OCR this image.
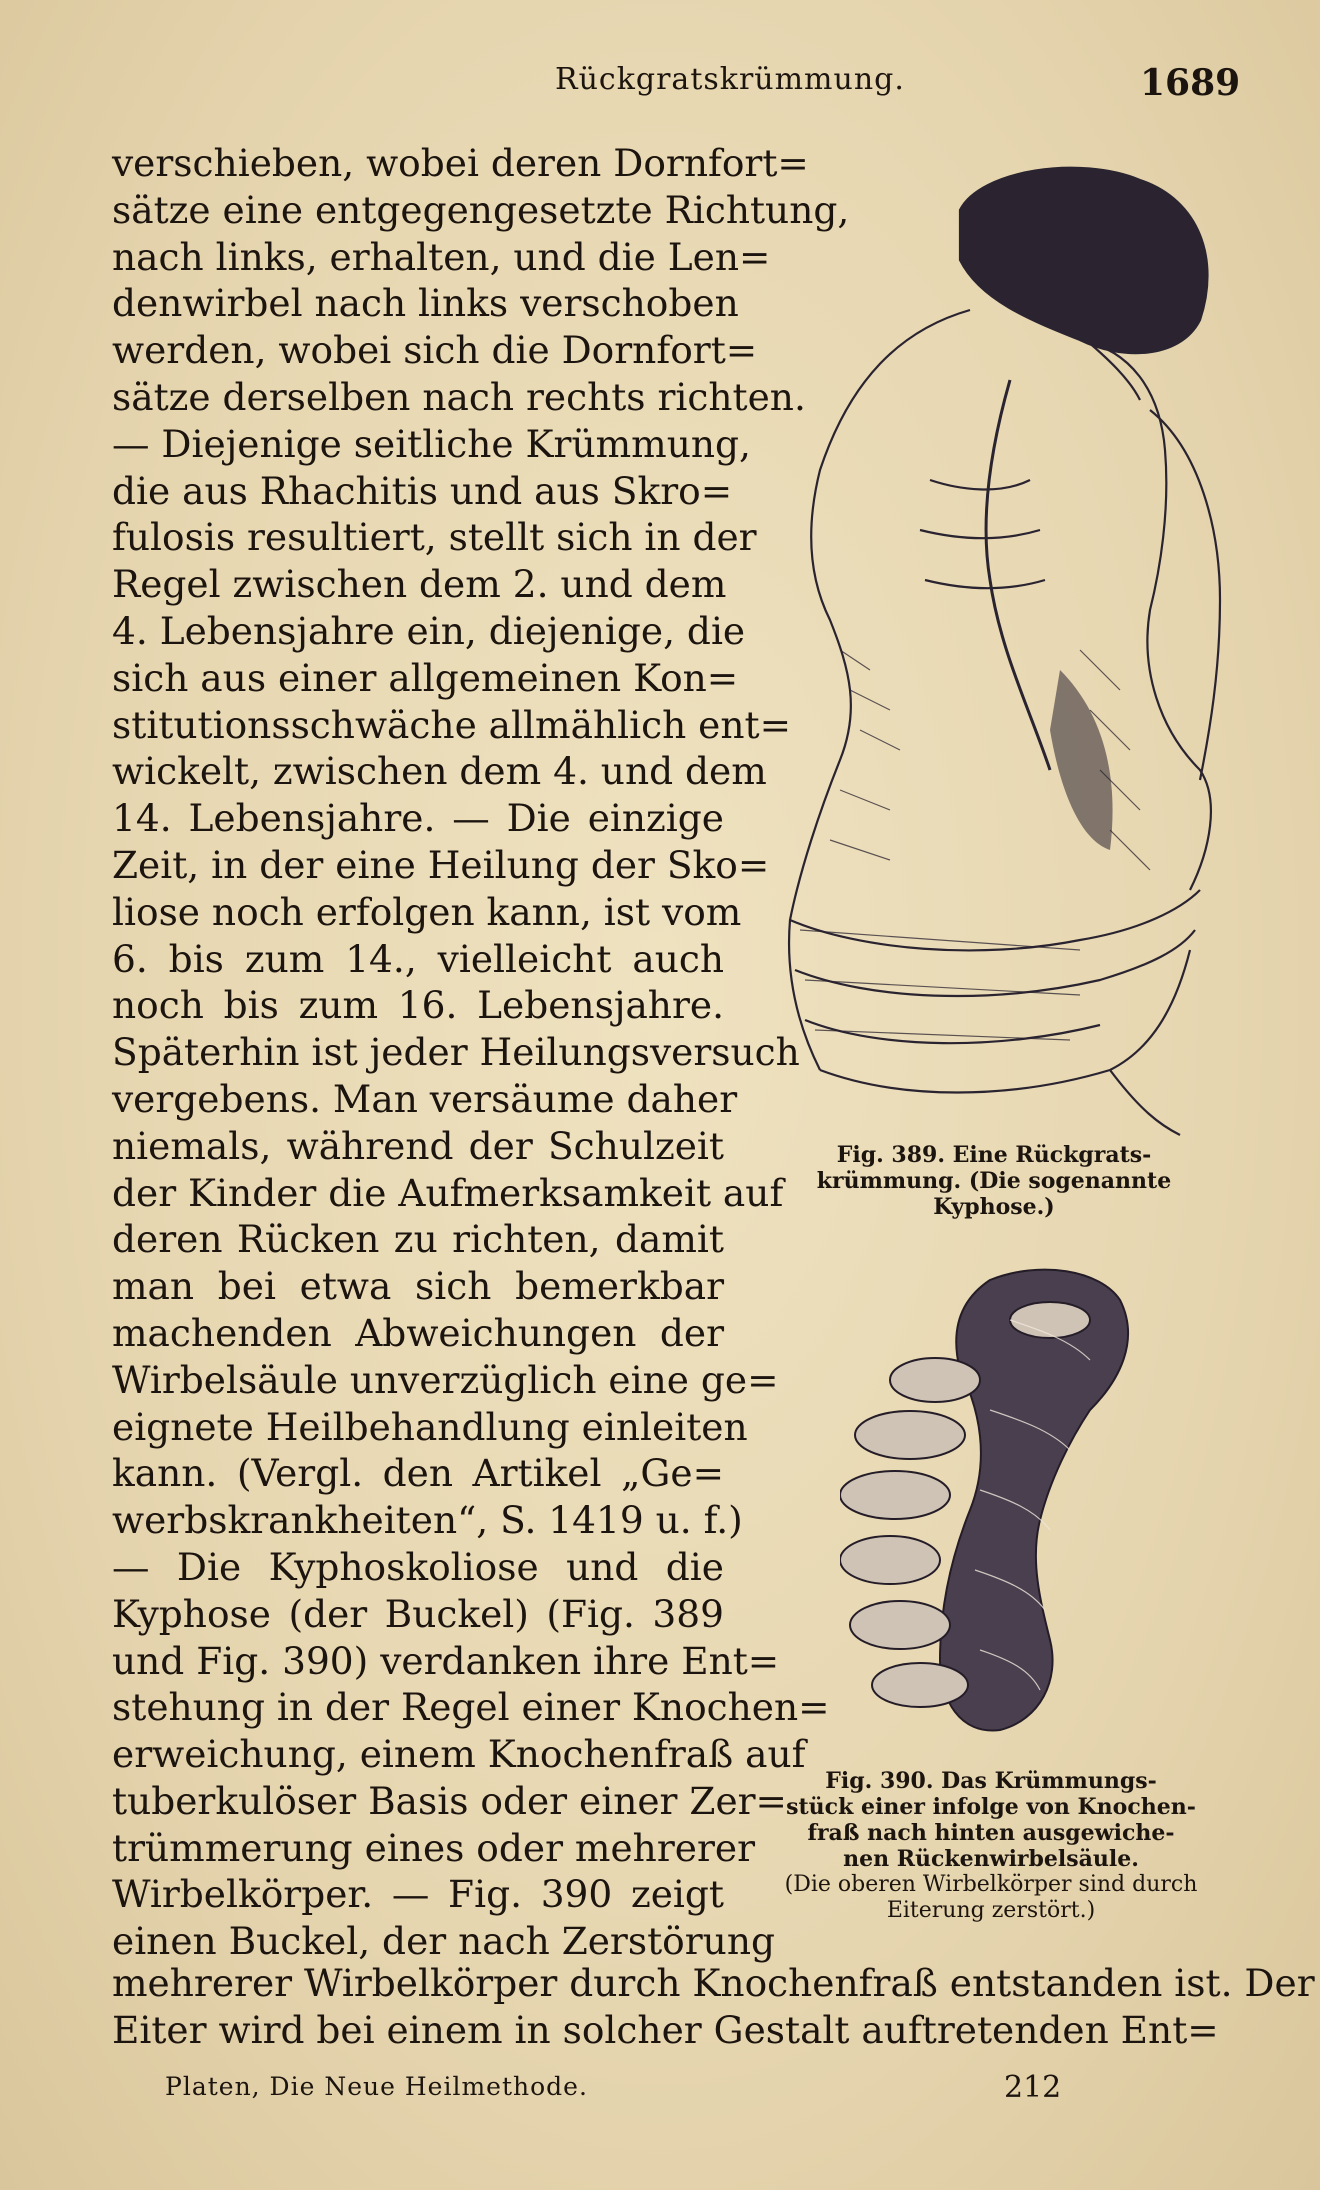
Rückgratskrümmung.	1689
verschieben, wobei deren Dornfort=
sätze eine entgegengesetzte Richtung,
nach links, erhalten, und die Len=
denwirbel nach links verschoben
werden, wobei sich die Dornfort=
sätze derselben nach rechts richten.
— Diejenige seitliche Krümmung,
die aus Rhachitis und aus Skro=
fulosis resultiert, stellt sich in der
Regel zwischen dem 2. und dem
4. Lebensjahre ein, diejenige, die
sich aus einer allgemeinen Kon=
stitutionsschwäche allmählich ent=
wickelt, zwischen dem 4. und dem
14. Lebensjahre. — Die einzige
Zeit, in der eine Heilung der Sko=
liose noch erfolgen kann, ist vom
6. bis zum 14., vielleicht auch
noch bis zum 16. Lebensjahre.
Späterhin ist jeder Heilungsversuch
vergebens. Man versäume daher
niemals, während der Schulzeit
der Kinder die Aufmerksamkeit auf
deren Rücken zu richten, damit
man bei etwa sich bemerkbar
machenden Abweichungen der
Wirbelsäule unverzüglich eine ge=
eignete Heilbehandlung einleiten
kann. (Vergl. den Artikel „Ge=
werbskrankheiten“, S. 1419 u. f.)
— Die Kyphoskoliose und die
Kyphose (der Buckel) (Fig. 389
und Fig. 390) verdanken ihre Ent=
stehung in der Regel einer Knochen=
erweichung, einem Knochenfraß auf
tuberkulöser Basis oder einer Zer=
trümmerung eines oder mehrerer
Wirbelkörper. — Fig. 390 zeigt
einen Buckel, der nach Zerstörung
mehrerer Wirbelkörper durch Knochenfraß entstanden ist. Der
Eiter wird bei einem in solcher Gestalt auftretenden Ent=
Fig. 389. Eine Rückgrats-
krümmung. (Die sogenannte
Kyphose.)
Fig. 390. Das Krümmungs-
stück einer infolge von Knochen-
fraß nach hinten ausgewiche-
nen Rückenwirbelsäule.
(Die oberen Wirbelkörper sind durch
Eiterung zerstört.)
Platen, Die Neue Heilmethode.	212
